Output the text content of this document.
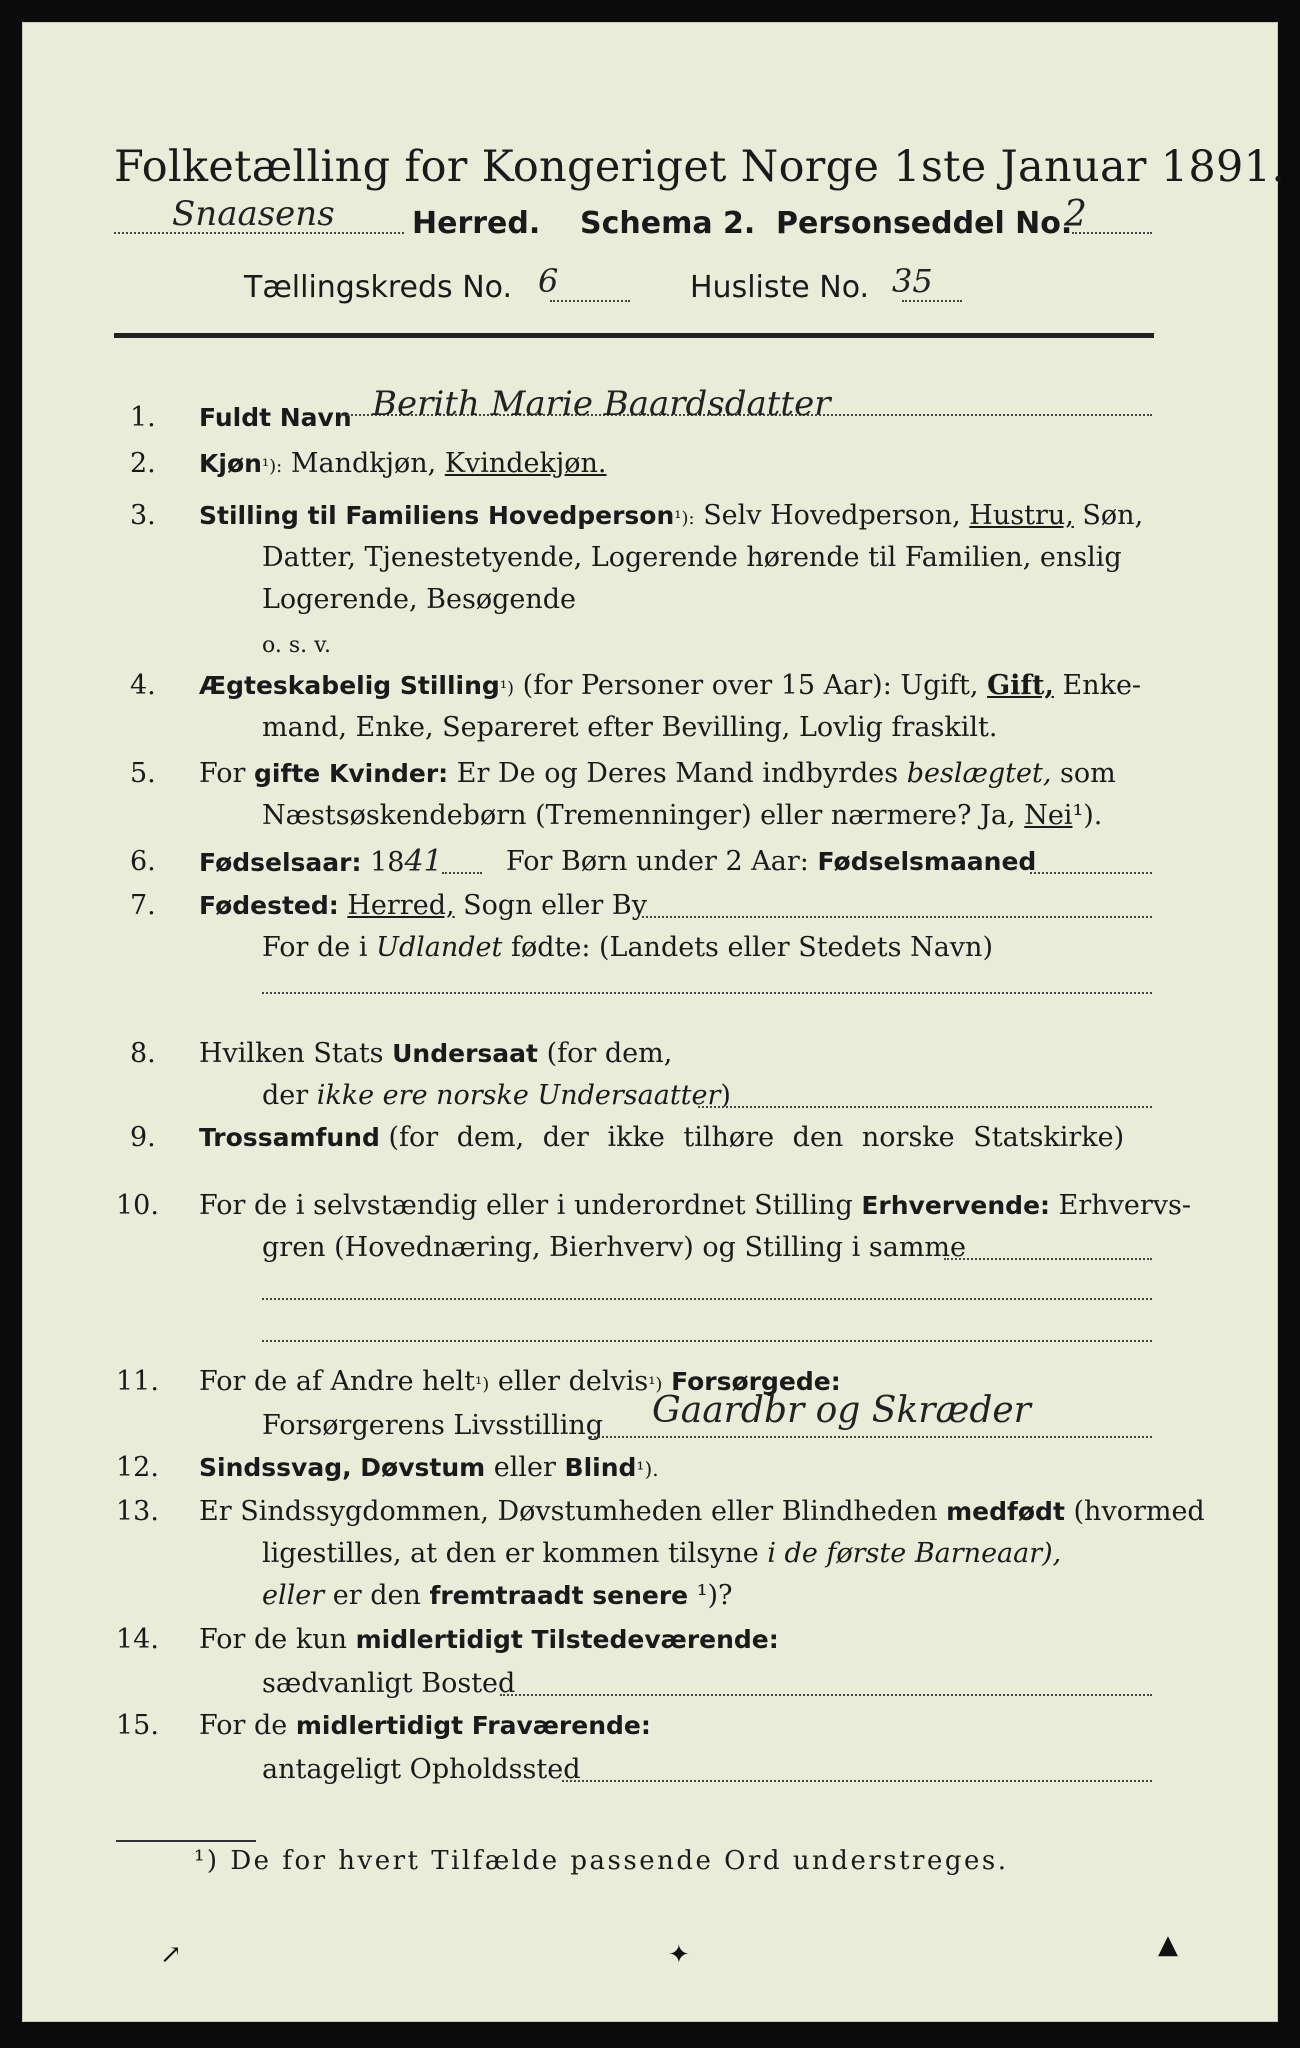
Folketælling for Kongeriget Norge 1ste Januar 1891.
Snaasens	Herred. Schema 2. Personseddel No.
2
Tællingskreds No. 6	Husliste No. 35
1.	Fuldt Navn Berith Marie Baardsdatter
2.	Kjøn¹): Mandkjøn, Kvindekjøn.
3.	Stilling til Familiens Hovedperson¹): Selv Hovedperson, Hustru, Søn,
Datter, Tjenestetyende, Logerende hørende til Familien, enslig
Logerende, Besøgende
o. s. v.
4.	Ægteskabelig Stilling¹) (for Personer over 15 Aar): Ugift, Gift, Enke-
mand, Enke, Separeret efter Bevilling, Lovlig fraskilt.
5.	For gifte Kvinder: Er De og Deres Mand indbyrdes beslægtet, som
Næstsøskendebørn (Tremenninger) eller nærmere? Ja, Nei¹).
6.	Fødselsaar: 1841 For Børn under 2 Aar: Fødselsmaaned
7.	Fødested: Herred, Sogn eller By
For de i Udlandet fødte: (Landets eller Stedets Navn)
8.	Hvilken Stats Undersaat (for dem,
der ikke ere norske Undersaatter)
9.	Trossamfund (for dem, der ikke tilhøre den norske Statskirke)
10. For de i selvstændig eller i underordnet Stilling Erhvervende: Erhvervs-
gren (Hovednæring, Bierhverv) og Stilling i samme
11. For de af Andre helt¹) eller delvis¹) Forsørgede:
Forsørgerens Livsstilling Gaardbr og Skræder
12. Sindssvag, Døvstum eller Blind¹).
13. Er Sindssygdommen, Døvstumheden eller Blindheden medfødt (hvormed
ligestilles, at den er kommen tilsyne i de første Barneaar),
eller er den fremtraadt senere ¹)?
14. For de kun midlertidigt Tilstedeværende:
sædvanligt Bosted
15. For de midlertidigt Fraværende:
antageligt Opholdssted
¹) De for hvert Tilfælde passende Ord understreges.
↗	✦	▲
